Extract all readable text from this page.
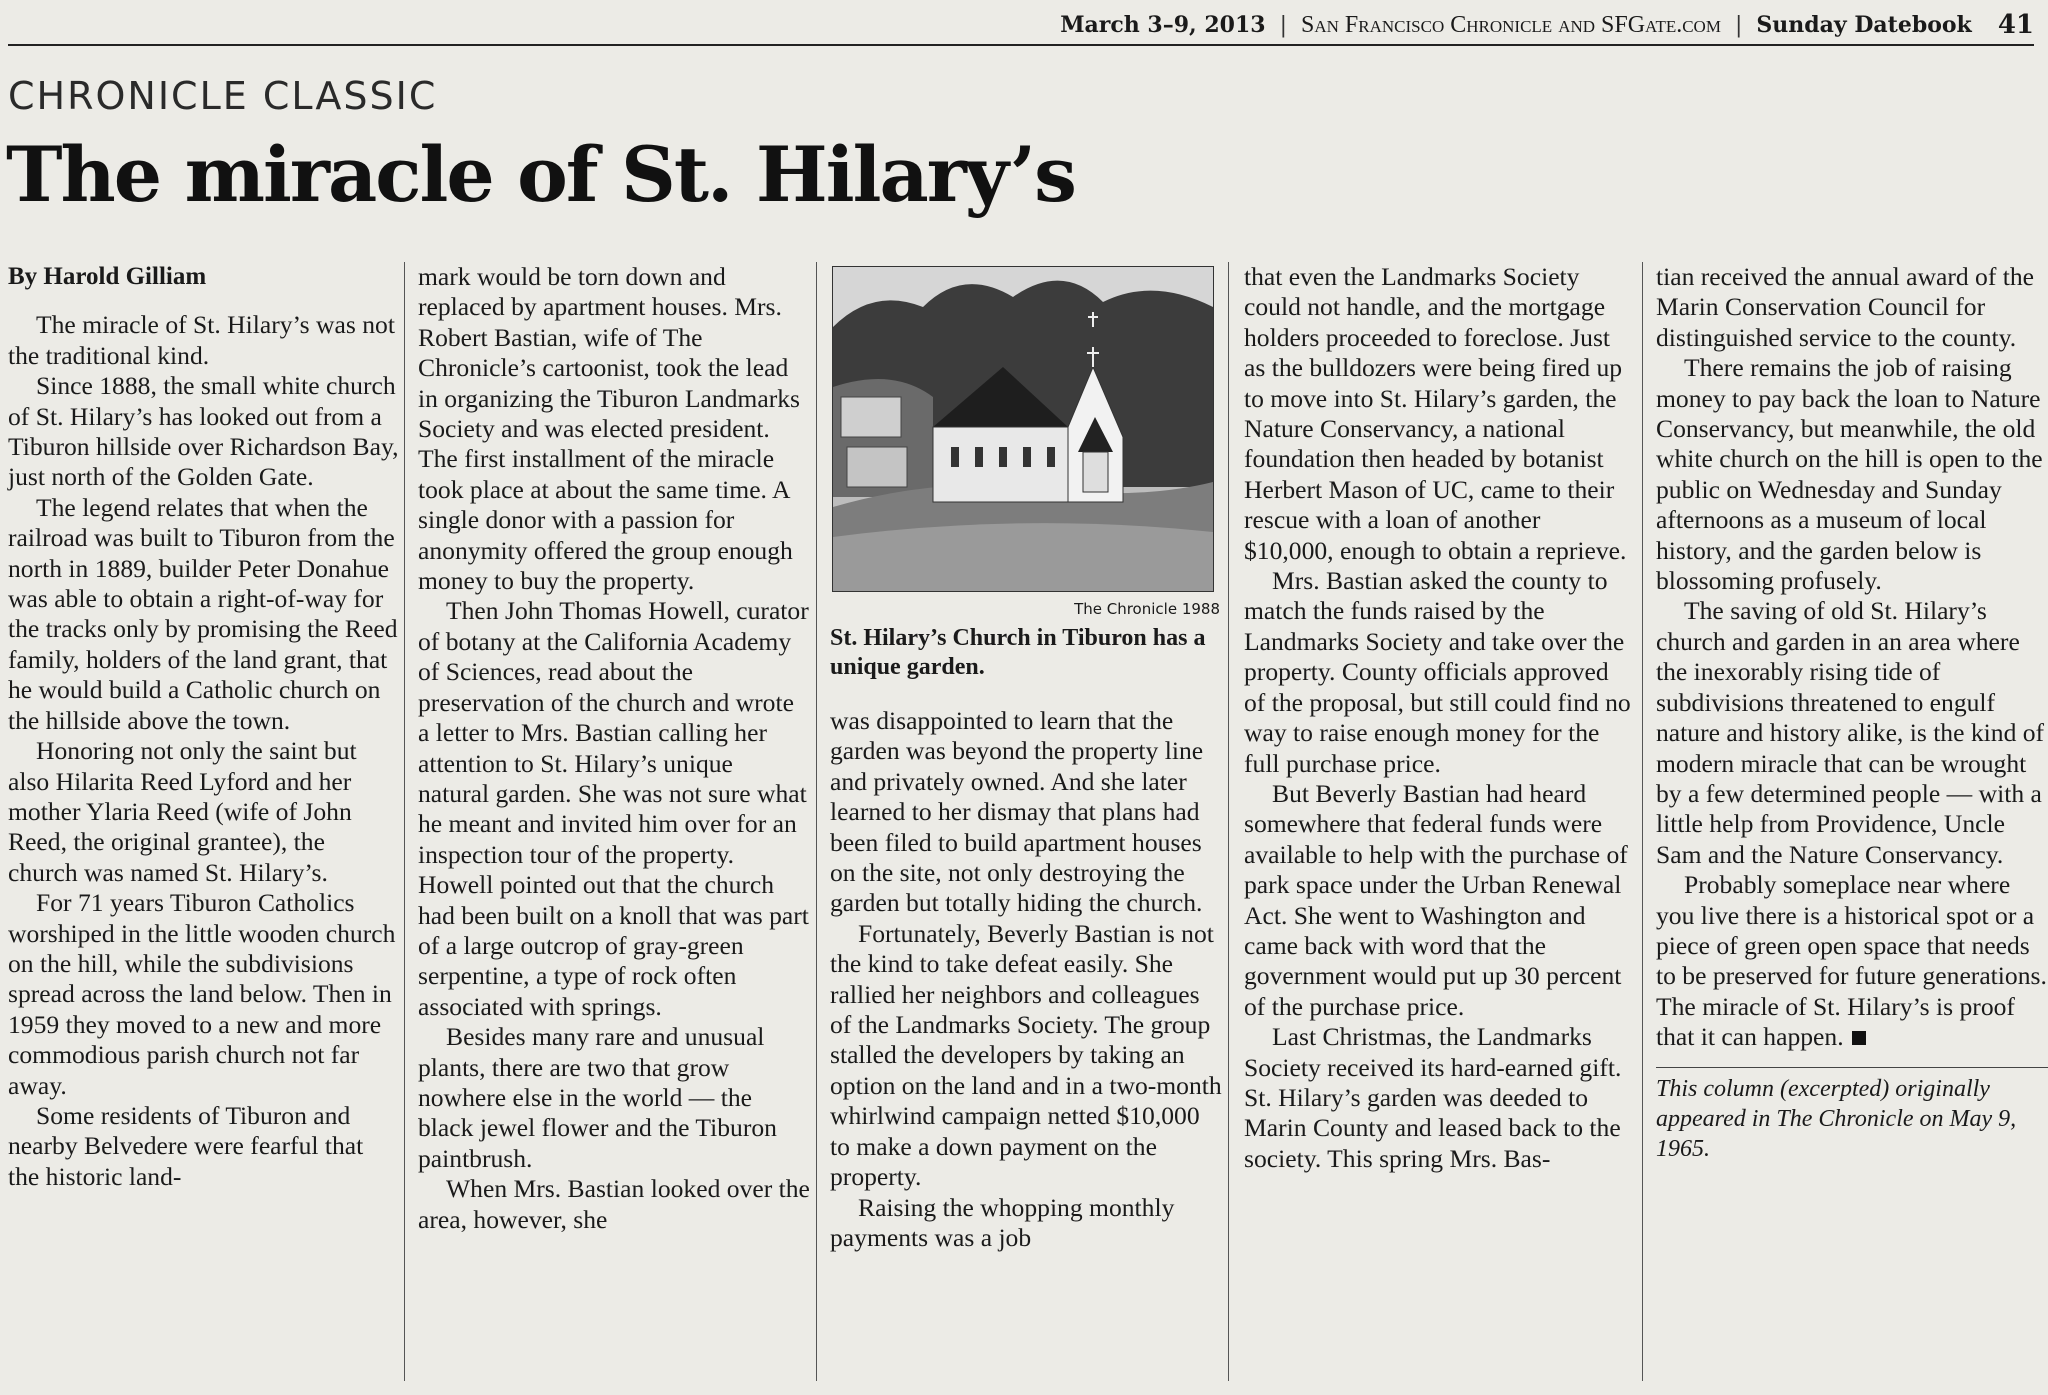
March 3–9, 2013 | San Francisco Chronicle and SFGate.com | Sunday Datebook 41
CHRONICLE CLASSIC
The miracle of St. Hilary’s

By Harold Gilliam

The miracle of St. Hilary’s was not the traditional kind.

Since 1888, the small white church of St. Hilary’s has looked out from a Tiburon hillside over Richardson Bay, just north of the Golden Gate.

The legend relates that when the railroad was built to Tiburon from the north in 1889, builder Peter Donahue was able to obtain a right-of-way for the tracks only by promising the Reed family, holders of the land grant, that he would build a Catholic church on the hillside above the town.

Honoring not only the saint but also Hilarita Reed Lyford and her mother Ylaria Reed (wife of John Reed, the original grantee), the church was named St. Hilary’s.

For 71 years Tiburon Catholics worshiped in the little wooden church on the hill, while the subdivisions spread across the land below. Then in 1959 they moved to a new and more commodious parish church not far away.

Some residents of Tiburon and nearby Belvedere were fearful that the historic land-

mark would be torn down and replaced by apartment houses. Mrs. Robert Bastian, wife of The Chronicle’s cartoonist, took the lead in organizing the Tiburon Landmarks Society and was elected president. The first installment of the miracle took place at about the same time. A single donor with a passion for anonymity offered the group enough money to buy the property.

Then John Thomas Howell, curator of botany at the California Academy of Sciences, read about the preservation of the church and wrote a letter to Mrs. Bastian calling her attention to St. Hilary’s unique natural garden. She was not sure what he meant and invited him over for an inspection tour of the property. Howell pointed out that the church had been built on a knoll that was part of a large outcrop of gray-green serpentine, a type of rock often associated with springs.

Besides many rare and unusual plants, there are two that grow nowhere else in the world — the black jewel flower and the Tiburon paintbrush.

When Mrs. Bastian looked over the area, however, she

The Chronicle 1988
St. Hilary’s Church in Tiburon has a unique garden.

was disappointed to learn that the garden was beyond the property line and privately owned. And she later learned to her dismay that plans had been filed to build apartment houses on the site, not only destroying the garden but totally hiding the church.

Fortunately, Beverly Bastian is not the kind to take defeat easily. She rallied her neighbors and colleagues of the Landmarks Society. The group stalled the developers by taking an option on the land and in a two-month whirlwind campaign netted $10,000 to make a down payment on the property.

Raising the whopping monthly payments was a job

that even the Landmarks Society could not handle, and the mortgage holders proceeded to foreclose. Just as the bulldozers were being fired up to move into St. Hilary’s garden, the Nature Conservancy, a national foundation then headed by botanist Herbert Mason of UC, came to their rescue with a loan of another $10,000, enough to obtain a reprieve.

Mrs. Bastian asked the county to match the funds raised by the Landmarks Society and take over the property. County officials approved of the proposal, but still could find no way to raise enough money for the full purchase price.

But Beverly Bastian had heard somewhere that federal funds were available to help with the purchase of park space under the Urban Renewal Act. She went to Washington and came back with word that the government would put up 30 percent of the purchase price.

Last Christmas, the Landmarks Society received its hard-earned gift. St. Hilary’s garden was deeded to Marin County and leased back to the society. This spring Mrs. Bas-

tian received the annual award of the Marin Conservation Council for distinguished service to the county.

There remains the job of raising money to pay back the loan to Nature Conservancy, but meanwhile, the old white church on the hill is open to the public on Wednesday and Sunday afternoons as a museum of local history, and the garden below is blossoming profusely.

The saving of old St. Hilary’s church and garden in an area where the inexorably rising tide of subdivisions threatened to engulf nature and history alike, is the kind of modern miracle that can be wrought by a few determined people — with a little help from Providence, Uncle Sam and the Nature Conservancy.

Probably someplace near where you live there is a historical spot or a piece of green open space that needs to be preserved for future generations. The miracle of St. Hilary’s is proof that it can happen.

This column (excerpted) originally appeared in The Chronicle on May 9, 1965.
